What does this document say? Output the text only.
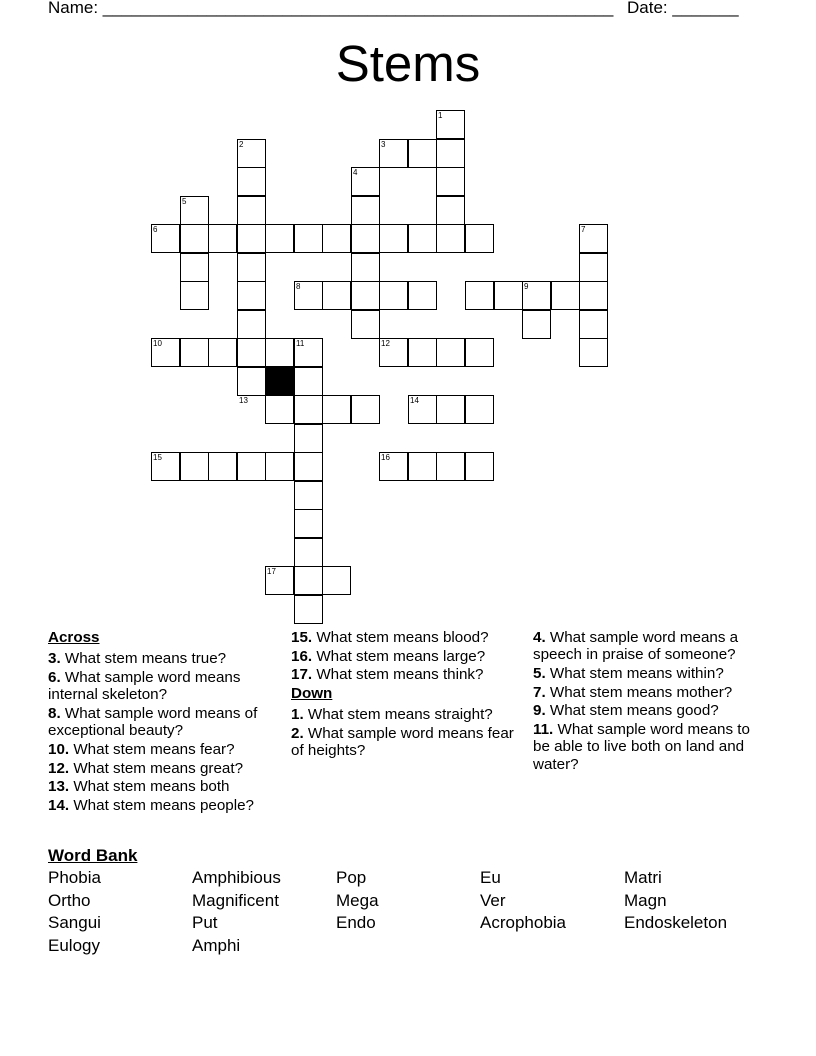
Name: ______________________________________________________ Date: _______
Stems
1
2	3
4
5
6	7
8	9
10	11	12
13	14
15	16
17

Across

3. What stem means true?

6. What sample word means internal skeleton?

8. What sample word means of exceptional beauty?

10. What stem means fear?

12. What stem means great?

13. What stem means both

14. What stem means people?

15. What stem means blood?

16. What stem means large?

17. What stem means think?

Down

1. What stem means straight?

2. What sample word means fear of heights?

4. What sample word means a speech in praise of someone?

5. What stem means within?

7. What stem means mother?

9. What stem means good?

11. What sample word means to be able to live both on land and water?

Word Bank
Phobia	Amphibious	Pop	Eu	Matri
Ortho	Magnificent	Mega	Ver	Magn
Sangui	Put	Endo	Acrophobia	Endoskeleton
Eulogy	Amphi
